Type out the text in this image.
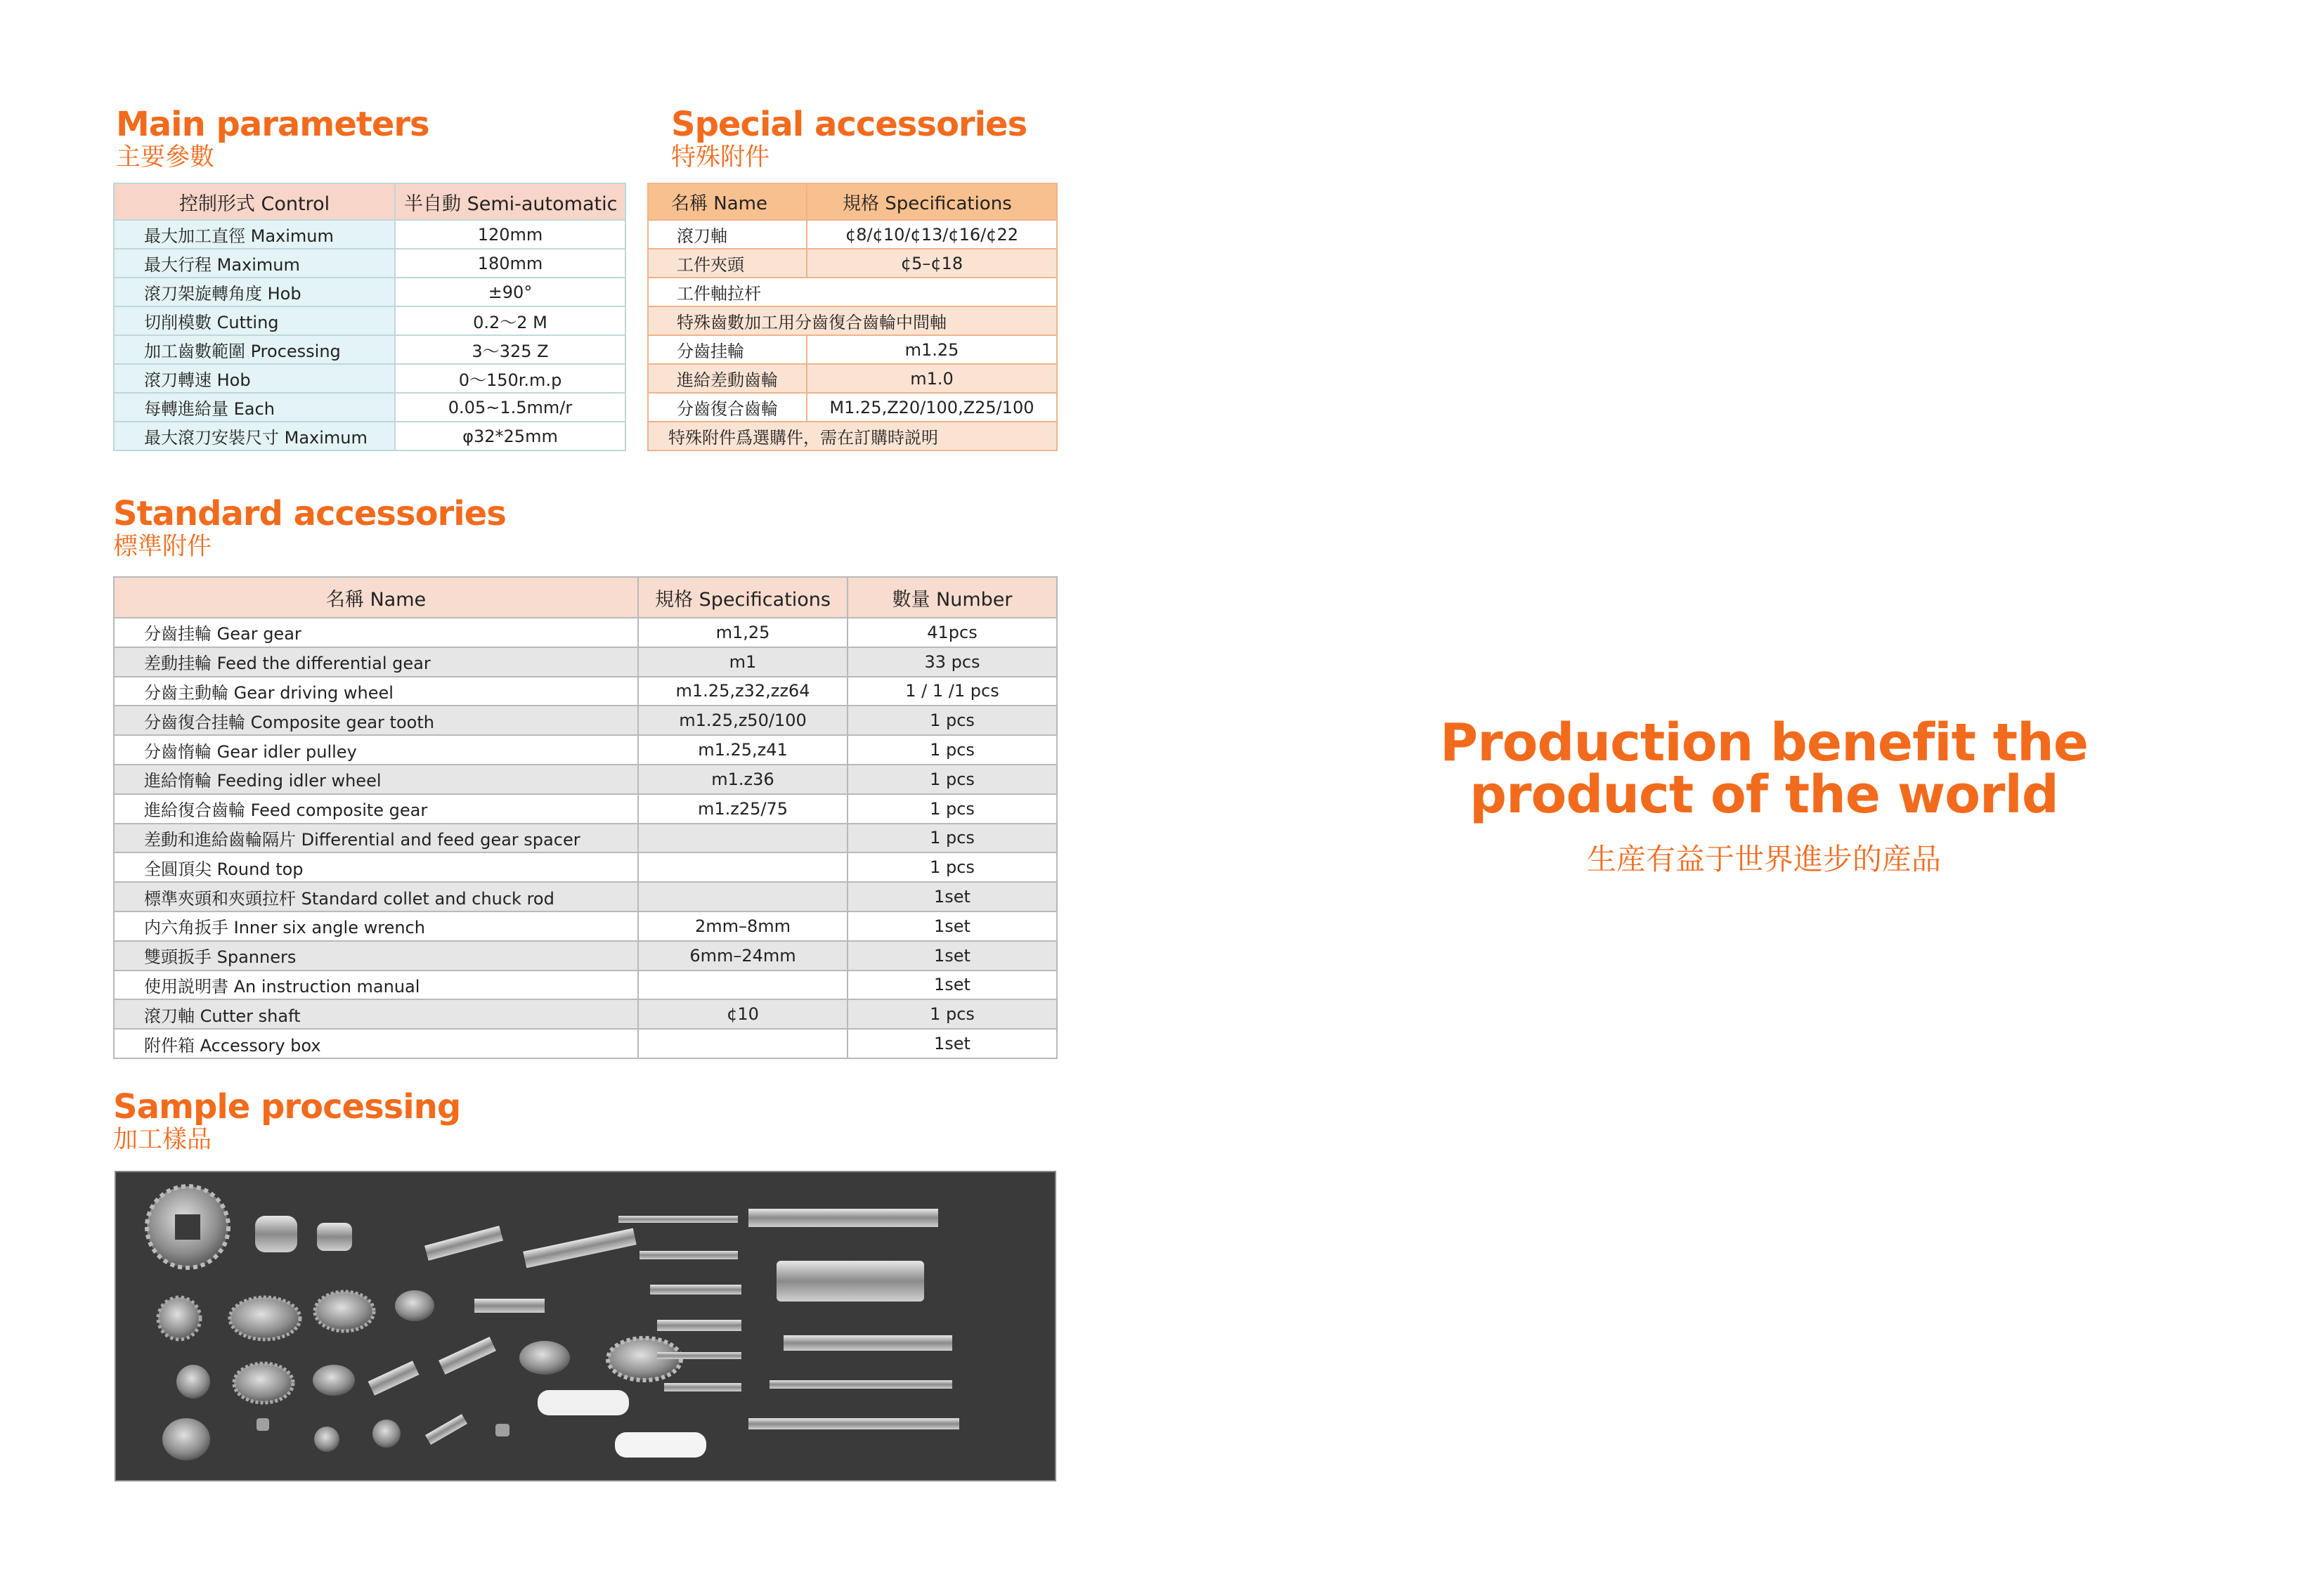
Main parameters
主要參數
控制形式 Control	半自動 Semi-automatic
最大加工直徑 Maximum	120mm
最大行程 Maximum	180mm
滾刀架旋轉角度 Hob	±90°
切削模數 Cutting	0.2～2 M
加工齒數範圍 Processing	3～325 Z
滾刀轉速 Hob	0～150r.m.p
每轉進給量 Each	0.05~1.5mm/r
最大滾刀安裝尺寸 Maximum	φ32*25mm
Special accessories
特殊附件
名稱 Name	規格 Specifications
滾刀軸	¢8/¢10/¢13/¢16/¢22
工件夾頭	¢5–¢18
工件軸拉杆	
特殊齒數加工用分齒復合齒輪中間軸	
分齒挂輪	m1.25
進給差動齒輪	m1.0
分齒復合齒輪	M1.25,Z20/100,Z25/100
特殊附件爲選購件，需在訂購時説明	
Standard accessories
標準附件
名稱 Name	規格 Specifications	數量 Number
分齒挂輪 Gear gear	m1,25	41pcs
差動挂輪 Feed the differential gear	m1	33 pcs
分齒主動輪 Gear driving wheel	m1.25,z32,zz64	1 / 1 /1 pcs
分齒復合挂輪 Composite gear tooth	m1.25,z50/100	1 pcs
分齒惰輪 Gear idler pulley	m1.25,z41	1 pcs
進給惰輪 Feeding idler wheel	m1.z36	1 pcs
進給復合齒輪 Feed composite gear	m1.z25/75	1 pcs
差動和進給齒輪隔片 Differential and feed gear spacer		1 pcs
全圓頂尖 Round top		1 pcs
標準夾頭和夾頭拉杆 Standard collet and chuck rod		1set
内六角扳手 Inner six angle wrench	2mm–8mm	1set
雙頭扳手 Spanners	6mm–24mm	1set
使用説明書 An instruction manual		1set
滾刀軸 Cutter shaft	¢10	1 pcs
附件箱 Accessory box		1set
Sample processing
加工樣品
Production benefit the
product of the world
生産有益于世界進步的産品
